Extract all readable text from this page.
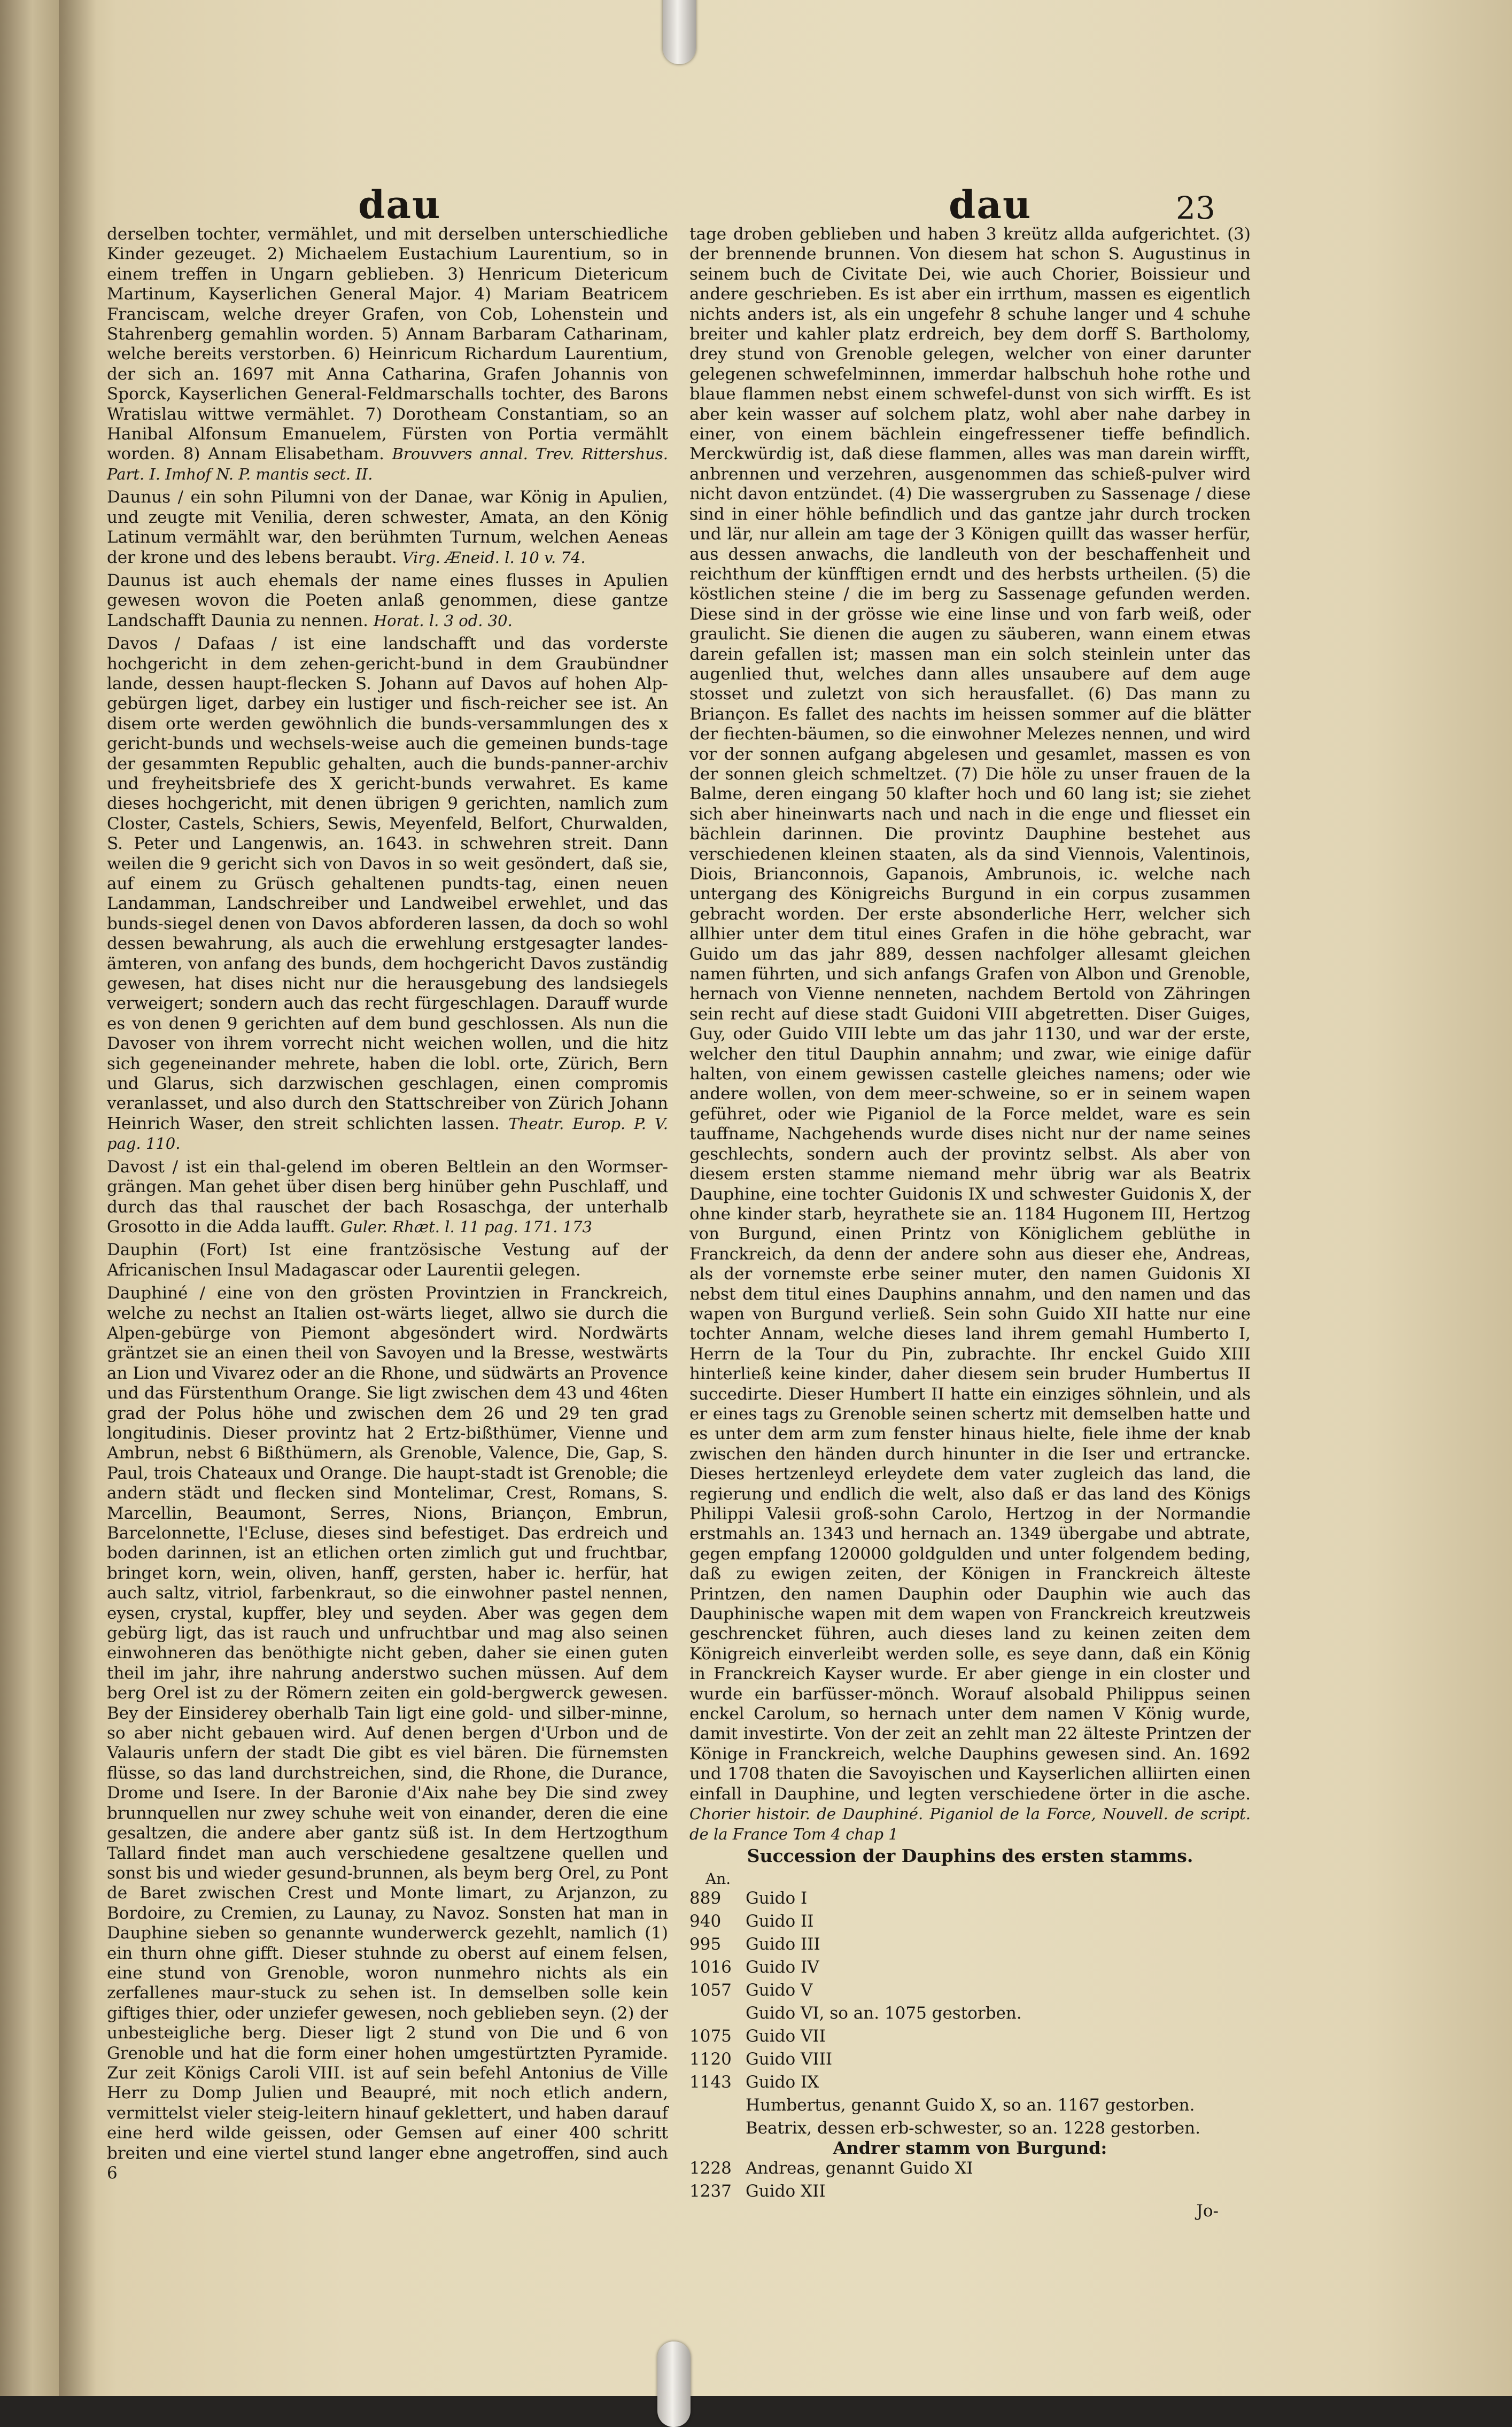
dau	dau	23

derselben tochter, vermählet, und mit derselben unterschiedliche Kinder gezeuget. 2) Michaelem Eustachium Laurentium, so in einem treffen in Ungarn geblieben. 3) Henricum Dietericum Martinum, Kayserlichen General Major. 4) Mariam Beatricem Franciscam, welche dreyer Grafen, von Cob, Lohenstein und Stahrenberg gemahlin worden. 5) Annam Barbaram Catharinam, welche bereits verstorben. 6) Heinricum Richardum Laurentium, der sich an. 1697 mit Anna Catharina, Grafen Johannis von Sporck, Kayserlichen General-Feldmarschalls tochter, des Barons Wratislau wittwe vermählet. 7) Dorotheam Constantiam, so an Hanibal Alfonsum Emanuelem, Fürsten von Portia vermählt worden. 8) Annam Elisabetham. Brouvvers annal. Trev. Rittershus. Part. I. Imhof N. P. mantis sect. II.

Daunus / ein sohn Pilumni von der Danae, war König in Apulien, und zeugte mit Venilia, deren schwester, Amata, an den König Latinum vermählt war, den berühmten Turnum, welchen Aeneas der krone und des lebens beraubt. Virg. Æneid. l. 10 v. 74.

Daunus ist auch ehemals der name eines flusses in Apulien gewesen wovon die Poeten anlaß genommen, diese gantze Landschafft Daunia zu nennen. Horat. l. 3 od. 30.

Davos / Dafaas / ist eine landschafft und das vorderste hochgericht in dem zehen-gericht-bund in dem Graubündner lande, dessen haupt-flecken S. Johann auf Davos auf hohen Alp-gebürgen liget, darbey ein lustiger und fisch-reicher see ist. An disem orte werden gewöhnlich die bunds-versammlungen des x gericht-bunds und wechsels-weise auch die gemeinen bunds-tage der gesammten Republic gehalten, auch die bunds-panner-archiv und freyheitsbriefe des X gericht-bunds verwahret. Es kame dieses hochgericht, mit denen übrigen 9 gerichten, namlich zum Closter, Castels, Schiers, Sewis, Meyenfeld, Belfort, Churwalden, S. Peter und Langenwis, an. 1643. in schwehren streit. Dann weilen die 9 gericht sich von Davos in so weit gesöndert, daß sie, auf einem zu Grüsch gehaltenen pundts-tag, einen neuen Landamman, Landschreiber und Landweibel erwehlet, und das bunds-siegel denen von Davos abforderen lassen, da doch so wohl dessen bewahrung, als auch die erwehlung erstgesagter landes-ämteren, von anfang des bunds, dem hochgericht Davos zuständig gewesen, hat dises nicht nur die herausgebung des landsiegels verweigert; sondern auch das recht fürgeschlagen. Darauff wurde es von denen 9 gerichten auf dem bund geschlossen. Als nun die Davoser von ihrem vorrecht nicht weichen wollen, und die hitz sich gegeneinander mehrete, haben die lobl. orte, Zürich, Bern und Glarus, sich darzwischen geschlagen, einen compromis veranlasset, und also durch den Stattschreiber von Zürich Johann Heinrich Waser, den streit schlichten lassen. Theatr. Europ. P. V. pag. 110.

Davost / ist ein thal-gelend im oberen Beltlein an den Wormser-grängen. Man gehet über disen berg hinüber gehn Puschlaff, und durch das thal rauschet der bach Rosaschga, der unterhalb Grosotto in die Adda laufft. Guler. Rhæt. l. 11 pag. 171. 173

Dauphin (Fort) Ist eine frantzösische Vestung auf der Africanischen Insul Madagascar oder Laurentii gelegen.

Dauphiné / eine von den grösten Provintzien in Franckreich, welche zu nechst an Italien ost-wärts lieget, allwo sie durch die Alpen-gebürge von Piemont abgesöndert wird. Nordwärts gräntzet sie an einen theil von Savoyen und la Bresse, westwärts an Lion und Vivarez oder an die Rhone, und südwärts an Provence und das Fürstenthum Orange. Sie ligt zwischen dem 43 und 46ten grad der Polus höhe und zwischen dem 26 und 29 ten grad longitudinis. Dieser provintz hat 2 Ertz-bißthümer, Vienne und Ambrun, nebst 6 Bißthümern, als Grenoble, Valence, Die, Gap, S. Paul, trois Chateaux und Orange. Die haupt-stadt ist Grenoble; die andern städt und flecken sind Montelimar, Crest, Romans, S. Marcellin, Beaumont, Serres, Nions, Briançon, Embrun, Barcelonnette, l'Ecluse, dieses sind befestiget. Das erdreich und boden darinnen, ist an etlichen orten zimlich gut und fruchtbar, bringet korn, wein, oliven, hanff, gersten, haber ic. herfür, hat auch saltz, vitriol, farbenkraut, so die einwohner pastel nennen, eysen, crystal, kupffer, bley und seyden. Aber was gegen dem gebürg ligt, das ist rauch und unfruchtbar und mag also seinen einwohneren das benöthigte nicht geben, daher sie einen guten theil im jahr, ihre nahrung anderstwo suchen müssen. Auf dem berg Orel ist zu der Römern zeiten ein gold-bergwerck gewesen. Bey der Einsiderey oberhalb Tain ligt eine gold- und silber-minne, so aber nicht gebauen wird. Auf denen bergen d'Urbon und de Valauris unfern der stadt Die gibt es viel bären. Die fürnemsten flüsse, so das land durchstreichen, sind, die Rhone, die Durance, Drome und Isere. In der Baronie d'Aix nahe bey Die sind zwey brunnquellen nur zwey schuhe weit von einander, deren die eine gesaltzen, die andere aber gantz süß ist. In dem Hertzogthum Tallard findet man auch verschiedene gesaltzene quellen und sonst bis und wieder gesund-brunnen, als beym berg Orel, zu Pont de Baret zwischen Crest und Monte limart, zu Arjanzon, zu Bordoire, zu Cremien, zu Launay, zu Navoz. Sonsten hat man in Dauphine sieben so genannte wunderwerck gezehlt, namlich (1) ein thurn ohne gifft. Dieser stuhnde zu oberst auf einem felsen, eine stund von Grenoble, woron nunmehro nichts als ein zerfallenes maur-stuck zu sehen ist. In demselben solle kein giftiges thier, oder unziefer gewesen, noch geblieben seyn. (2) der unbesteigliche berg. Dieser ligt 2 stund von Die und 6 von Grenoble und hat die form einer hohen umgestürtzten Pyramide. Zur zeit Königs Caroli VIII. ist auf sein befehl Antonius de Ville Herr zu Domp Julien und Beaupré, mit noch etlich andern, vermittelst vieler steig-leitern hinauf geklettert, und haben darauf eine herd wilde geissen, oder Gemsen auf einer 400 schritt breiten und eine viertel stund langer ebne angetroffen, sind auch 6

tage droben geblieben und haben 3 kreütz allda aufgerichtet. (3) der brennende brunnen. Von diesem hat schon S. Augustinus in seinem buch de Civitate Dei, wie auch Chorier, Boissieur und andere geschrieben. Es ist aber ein irrthum, massen es eigentlich nichts anders ist, als ein ungefehr 8 schuhe langer und 4 schuhe breiter und kahler platz erdreich, bey dem dorff S. Bartholomy, drey stund von Grenoble gelegen, welcher von einer darunter gelegenen schwefelminnen, immerdar halbschuh hohe rothe und blaue flammen nebst einem schwefel-dunst von sich wirfft. Es ist aber kein wasser auf solchem platz, wohl aber nahe darbey in einer, von einem bächlein eingefressener tieffe befindlich. Merckwürdig ist, daß diese flammen, alles was man darein wirfft, anbrennen und verzehren, ausgenommen das schieß-pulver wird nicht davon entzündet. (4) Die wassergruben zu Sassenage / diese sind in einer höhle befindlich und das gantze jahr durch trocken und lär, nur allein am tage der 3 Königen quillt das wasser herfür, aus dessen anwachs, die landleuth von der beschaffenheit und reichthum der künfftigen erndt und des herbsts urtheilen. (5) die köstlichen steine / die im berg zu Sassenage gefunden werden. Diese sind in der grösse wie eine linse und von farb weiß, oder graulicht. Sie dienen die augen zu säuberen, wann einem etwas darein gefallen ist; massen man ein solch steinlein unter das augenlied thut, welches dann alles unsaubere auf dem auge stosset und zuletzt von sich herausfallet. (6) Das mann zu Briançon. Es fallet des nachts im heissen sommer auf die blätter der fiechten-bäumen, so die einwohner Melezes nennen, und wird vor der sonnen aufgang abgelesen und gesamlet, massen es von der sonnen gleich schmeltzet. (7) Die höle zu unser frauen de la Balme, deren eingang 50 klafter hoch und 60 lang ist; sie ziehet sich aber hineinwarts nach und nach in die enge und fliesset ein bächlein darinnen. Die provintz Dauphine bestehet aus verschiedenen kleinen staaten, als da sind Viennois, Valentinois, Diois, Brianconnois, Gapanois, Ambrunois, ic. welche nach untergang des Königreichs Burgund in ein corpus zusammen gebracht worden. Der erste absonderliche Herr, welcher sich allhier unter dem titul eines Grafen in die höhe gebracht, war Guido um das jahr 889, dessen nachfolger allesamt gleichen namen führten, und sich anfangs Grafen von Albon und Grenoble, hernach von Vienne nenneten, nachdem Bertold von Zähringen sein recht auf diese stadt Guidoni VIII abgetretten. Diser Guiges, Guy, oder Guido VIII lebte um das jahr 1130, und war der erste, welcher den titul Dauphin annahm; und zwar, wie einige dafür halten, von einem gewissen castelle gleiches namens; oder wie andere wollen, von dem meer-schweine, so er in seinem wapen geführet, oder wie Piganiol de la Force meldet, ware es sein tauffname, Nachgehends wurde dises nicht nur der name seines geschlechts, sondern auch der provintz selbst. Als aber von diesem ersten stamme niemand mehr übrig war als Beatrix Dauphine, eine tochter Guidonis IX und schwester Guidonis X, der ohne kinder starb, heyrathete sie an. 1184 Hugonem III, Hertzog von Burgund, einen Printz von Königlichem geblüthe in Franckreich, da denn der andere sohn aus dieser ehe, Andreas, als der vornemste erbe seiner muter, den namen Guidonis XI nebst dem titul eines Dauphins annahm, und den namen und das wapen von Burgund verließ. Sein sohn Guido XII hatte nur eine tochter Annam, welche dieses land ihrem gemahl Humberto I, Herrn de la Tour du Pin, zubrachte. Ihr enckel Guido XIII hinterließ keine kinder, daher diesem sein bruder Humbertus II succedirte. Dieser Humbert II hatte ein einziges söhnlein, und als er eines tags zu Grenoble seinen schertz mit demselben hatte und es unter dem arm zum fenster hinaus hielte, fiele ihme der knab zwischen den händen durch hinunter in die Iser und ertrancke. Dieses hertzenleyd erleydete dem vater zugleich das land, die regierung und endlich die welt, also daß er das land des Königs Philippi Valesii groß-sohn Carolo, Hertzog in der Normandie erstmahls an. 1343 und hernach an. 1349 übergabe und abtrate, gegen empfang 120000 goldgulden und unter folgendem beding, daß zu ewigen zeiten, der Königen in Franckreich älteste Printzen, den namen Dauphin oder Dauphin wie auch das Dauphinische wapen mit dem wapen von Franckreich kreutzweis geschrencket führen, auch dieses land zu keinen zeiten dem Königreich einverleibt werden solle, es seye dann, daß ein König in Franckreich Kayser wurde. Er aber gienge in ein closter und wurde ein barfüsser-mönch. Worauf alsobald Philippus seinen enckel Carolum, so hernach unter dem namen V König wurde, damit investirte. Von der zeit an zehlt man 22 älteste Printzen der Könige in Franckreich, welche Dauphins gewesen sind. An. 1692 und 1708 thaten die Savoyischen und Kayserlichen alliirten einen einfall in Dauphine, und legten verschiedene örter in die asche. Chorier histoir. de Dauphiné. Piganiol de la Force, Nouvell. de script. de la France Tom 4 chap 1

Succession der Dauphins des ersten stamms.

An.

889 Guido I

940 Guido II

995 Guido III

1016 Guido IV

1057 Guido V

Guido VI, so an. 1075 gestorben.

1075 Guido VII

1120 Guido VIII

1143 Guido IX

Humbertus, genannt Guido X, so an. 1167 gestorben.

Beatrix, dessen erb-schwester, so an. 1228 gestorben.

Andrer stamm von Burgund:

1228 Andreas, genannt Guido XI

1237 Guido XII

Jo-
